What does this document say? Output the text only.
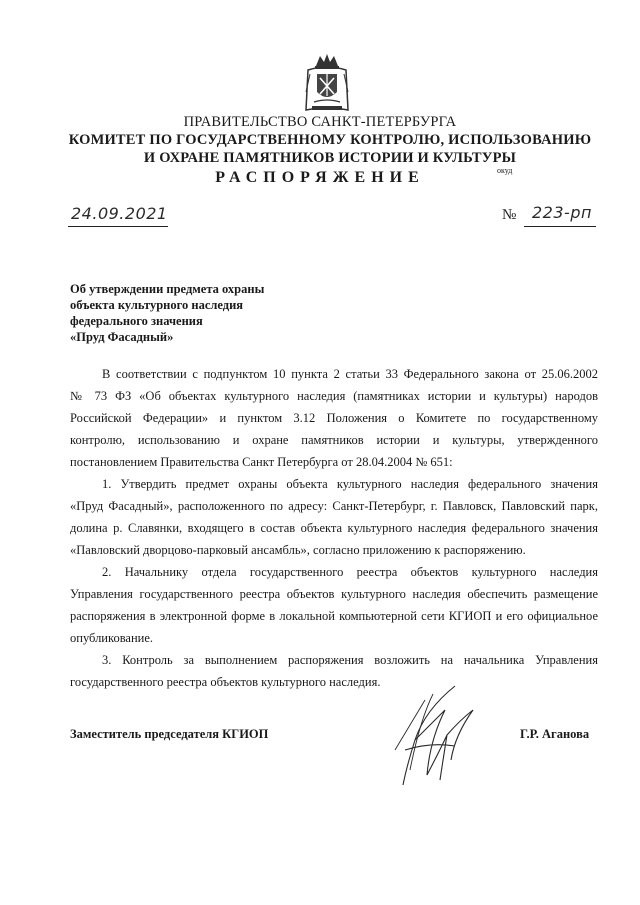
ПРАВИТЕЛЬСТВО САНКТ-ПЕТЕРБУРГА
КОМИТЕТ ПО ГОСУДАРСТВЕННОМУ КОНТРОЛЮ, ИСПОЛЬЗОВАНИЮ
И ОХРАНЕ ПАМЯТНИКОВ ИСТОРИИ И КУЛЬТУРЫ
окуд
РАСПОРЯЖЕНИЕ
24.09.2021	№ 223-рп
Об утверждении предмета охраны
объекта культурного наследия
федерального значения
«Пруд Фасадный»
В соответствии с подпунктом 10 пункта 2 статьи 33 Федерального закона от 25.06.2002
№ 73 ФЗ «Об объектах культурного наследия (памятниках истории и культуры) народов
Российской Федерации» и пунктом 3.12 Положения о Комитете по государственному
контролю, использованию и охране памятников истории и культуры, утвержденного
постановлением Правительства Санкт Петербурга от 28.04.2004 № 651:
1. Утвердить предмет охраны объекта культурного наследия федерального значения
«Пруд Фасадный», расположенного по адресу: Санкт-Петербург, г. Павловск, Павловский парк,
долина р. Славянки, входящего в состав объекта культурного наследия федерального значения
«Павловский дворцово-парковый ансамбль», согласно приложению к распоряжению.
2. Начальнику отдела государственного реестра объектов культурного наследия
Управления государственного реестра объектов культурного наследия обеспечить размещение
распоряжения в электронной форме в локальной компьютерной сети КГИОП и его официальное
опубликование.
3. Контроль за выполнением распоряжения возложить на начальника Управления
государственного реестра объектов культурного наследия.
Заместитель председателя КГИОП	Г.Р. Аганова
